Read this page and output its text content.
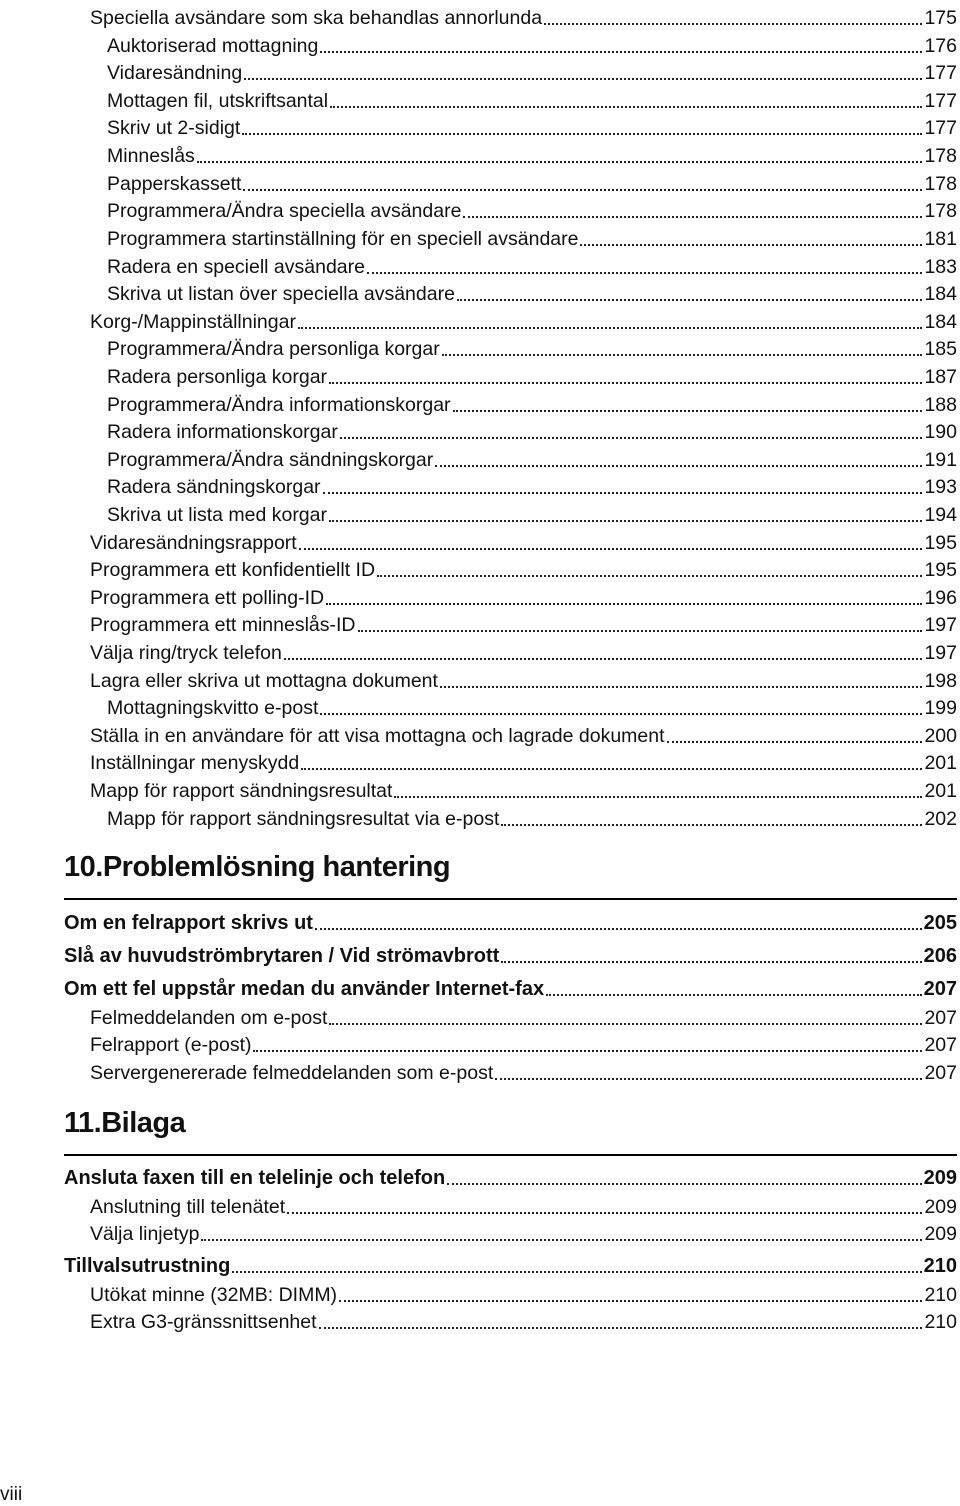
Speciella avsändare som ska behandlas annorlunda	175
Auktoriserad mottagning	176
Vidaresändning	177
Mottagen fil, utskriftsantal	177
Skriv ut 2-sidigt	177
Minneslås	178
Papperskassett	178
Programmera/Ändra speciella avsändare	178
Programmera startinställning för en speciell avsändare	181
Radera en speciell avsändare	183
Skriva ut listan över speciella avsändare	184
Korg-/Mappinställningar	184
Programmera/Ändra personliga korgar	185
Radera personliga korgar	187
Programmera/Ändra informationskorgar	188
Radera informationskorgar	190
Programmera/Ändra sändningskorgar	191
Radera sändningskorgar	193
Skriva ut lista med korgar	194
Vidaresändningsrapport	195
Programmera ett konfidentiellt ID	195
Programmera ett polling-ID	196
Programmera ett minneslås-ID	197
Välja ring/tryck telefon	197
Lagra eller skriva ut mottagna dokument	198
Mottagningskvitto e-post	199
Ställa in en användare för att visa mottagna och lagrade dokument	200
Inställningar menyskydd	201
Mapp för rapport sändningsresultat	201
Mapp för rapport sändningsresultat via e-post	202
10.Problemlösning hantering
Om en felrapport skrivs ut	205
Slå av huvudströmbrytaren / Vid strömavbrott	206
Om ett fel uppstår medan du använder Internet-fax	207
Felmeddelanden om e-post	207
Felrapport (e-post)	207
Servergenererade felmeddelanden som e-post	207
11.Bilaga
Ansluta faxen till en telelinje och telefon	209
Anslutning till telenätet	209
Välja linjetyp	209
Tillvalsutrustning	210
Utökat minne (32MB: DIMM)	210
Extra G3-gränssnittsenhet	210
viii
